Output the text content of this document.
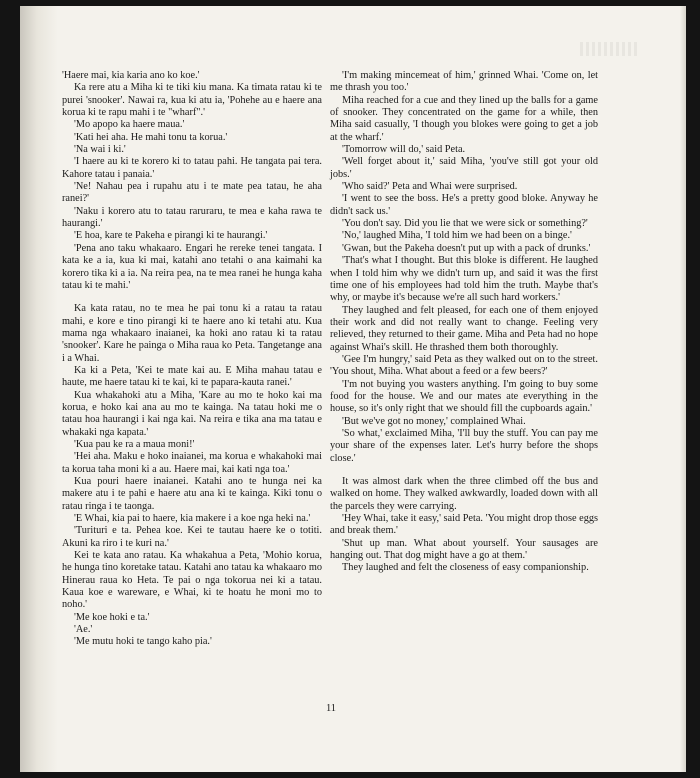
'Haere mai, kia karia ano ko koe.'

Ka rere atu a Miha ki te tiki kiu mana. Ka timata ratau ki te purei 'snooker'. Nawai ra, kua ki atu ia, 'Pohehe au e haere ana korua ki te rapu mahi i te "wharf".'

'Mo apopo ka haere maua.'

'Kati hei aha. He mahi tonu ta korua.'

'Na wai i ki.'

'I haere au ki te korero ki to tatau pahi. He tangata pai tera. Kahore tatau i panaia.'

'Ne! Nahau pea i rupahu atu i te mate pea tatau, he aha ranei?'

'Naku i korero atu to tatau raruraru, te mea e kaha rawa te haurangi.'

'E hoa, kare te Pakeha e pirangi ki te haurangi.'

'Pena ano taku whakaaro. Engari he rereke tenei tangata. I kata ke a ia, kua ki mai, katahi ano tetahi o ana kaimahi ka korero tika ki a ia. Na reira pea, na te mea ranei he hunga kaha tatau ki te mahi.'

Ka kata ratau, no te mea he pai tonu ki a ratau ta ratau mahi, e kore e tino pirangi ki te haere ano ki tetahi atu. Kua mama nga whakaaro inaianei, ka hoki ano ratau ki ta ratau 'snooker'. Kare he painga o Miha raua ko Peta. Tangetange ana i a Whai.

Ka ki a Peta, 'Kei te mate kai au. E Miha mahau tatau e haute, me haere tatau ki te kai, ki te papara-kauta ranei.'

Kua whakahoki atu a Miha, 'Kare au mo te hoko kai ma korua, e hoko kai ana au mo te kainga. Na tatau hoki me o tatau hoa haurangi i kai nga kai. Na reira e tika ana ma tatau e whakaki nga kapata.'

'Kua pau ke ra a maua moni!'

'Hei aha. Maku e hoko inaianei, ma korua e whakahoki mai ta korua taha moni ki a au. Haere mai, kai kati nga toa.'

Kua pouri haere inaianei. Katahi ano te hunga nei ka makere atu i te pahi e haere atu ana ki te kainga. Kiki tonu o ratau ringa i te taonga.

'E Whai, kia pai to haere, kia makere i a koe nga heki na.'

'Turituri e ta. Pehea koe. Kei te tautau haere ke o totiti. Akuni ka riro i te kuri na.'

Kei te kata ano ratau. Ka whakahua a Peta, 'Mohio korua, he hunga tino koretake tatau. Katahi ano tatau ka whakaaro mo Hinerau raua ko Heta. Te pai o nga tokorua nei ki a tatau. Kaua koe e wareware, e Whai, ki te hoatu he moni mo to noho.'

'Me koe hoki e ta.'

'Ae.'

'Me mutu hoki te tango kaho pia.'

'I'm making mincemeat of him,' grinned Whai. 'Come on, let me thrash you too.'

Miha reached for a cue and they lined up the balls for a game of snooker. They concentrated on the game for a while, then Miha said casually, 'I though you blokes were going to get a job at the wharf.'

'Tomorrow will do,' said Peta.

'Well forget about it,' said Miha, 'you've still got your old jobs.'

'Who said?' Peta and Whai were surprised.

'I went to see the boss. He's a pretty good bloke. Anyway he didn't sack us.'

'You don't say. Did you lie that we were sick or something?'

'No,' laughed Miha, 'I told him we had been on a binge.'

'Gwan, but the Pakeha doesn't put up with a pack of drunks.'

'That's what I thought. But this bloke is different. He laughed when I told him why we didn't turn up, and said it was the first time one of his employees had told him the truth. Maybe that's why, or maybe it's because we're all such hard workers.'

They laughed and felt pleased, for each one of them enjoyed their work and did not really want to change. Feeling very relieved, they returned to their game. Miha and Peta had no hope against Whai's skill. He thrashed them both thoroughly.

'Gee I'm hungry,' said Peta as they walked out on to the street. 'You shout, Miha. What about a feed or a few beers?'

'I'm not buying you wasters anything. I'm going to buy some food for the house. We and our mates ate everything in the house, so it's only right that we should fill the cupboards again.'

'But we've got no money,' complained Whai.

'So what,' exclaimed Miha, 'I'll buy the stuff. You can pay me your share of the expenses later. Let's hurry before the shops close.'

It was almost dark when the three climbed off the bus and walked on home. They walked awkwardly, loaded down with all the parcels they were carrying.

'Hey Whai, take it easy,' said Peta. 'You might drop those eggs and break them.'

'Shut up man. What about yourself. Your sausages are hanging out. That dog might have a go at them.'

They laughed and felt the closeness of easy companionship.

11
